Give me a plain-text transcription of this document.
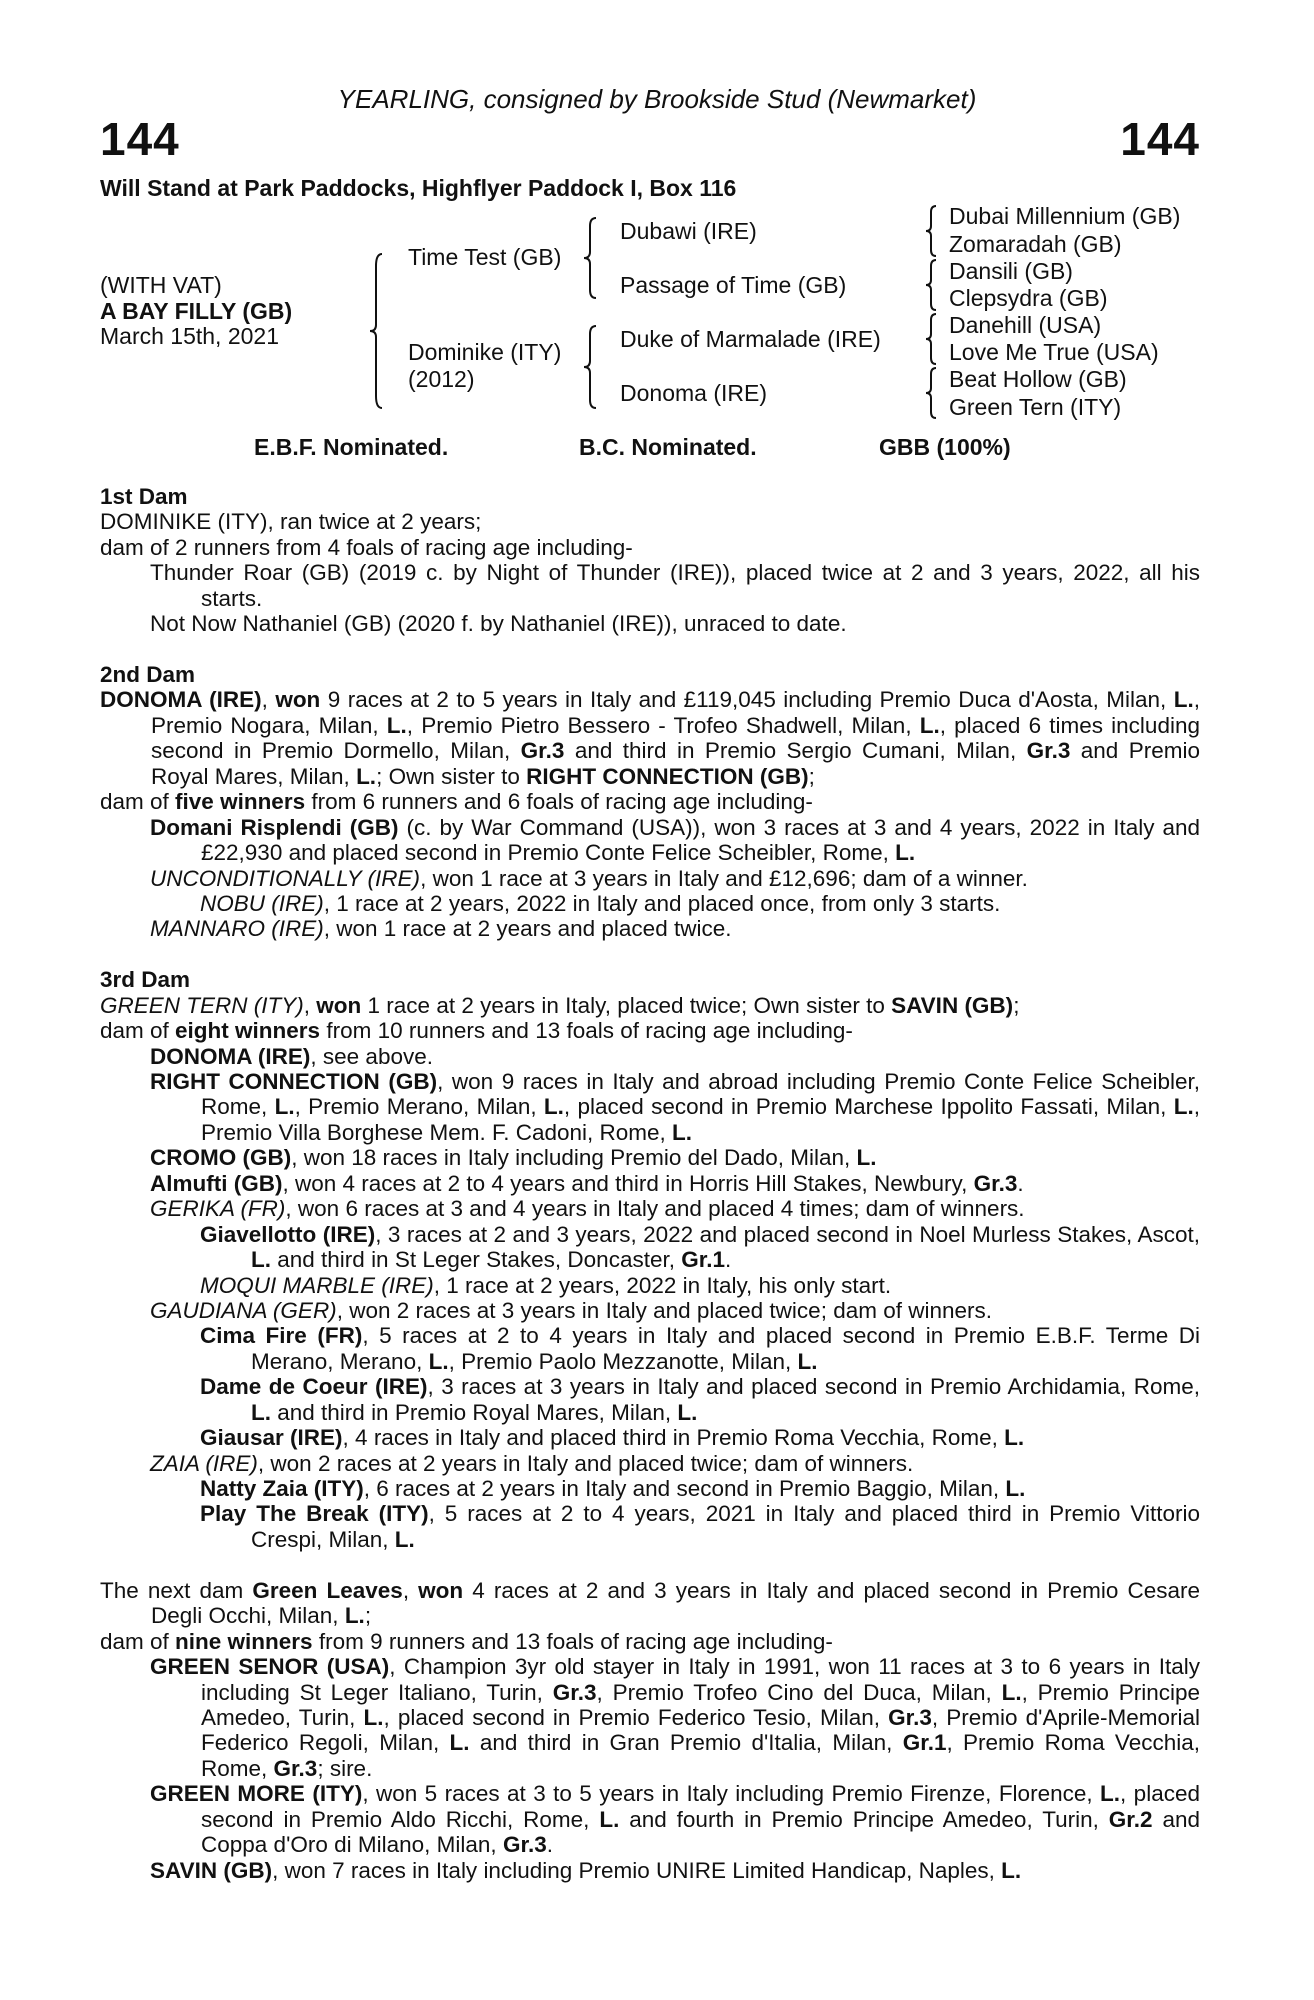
YEARLING, consigned by Brookside Stud (Newmarket)
144	144
Will Stand at Park Paddocks, Highflyer Paddock I, Box 116
(WITH VAT)
A BAY FILLY (GB)
March 15th, 2021
Time Test (GB)
Dominike (ITY)
(2012)
Dubawi (IRE)
Passage of Time (GB)
Duke of Marmalade (IRE)
Donoma (IRE)
Dubai Millennium (GB)
Zomaradah (GB)
Dansili (GB)
Clepsydra (GB)
Danehill (USA)
Love Me True (USA)
Beat Hollow (GB)
Green Tern (ITY)
E.B.F. Nominated.	B.C. Nominated.	GBB (100%)
1st Dam
DOMINIKE (ITY), ran twice at 2 years;
dam of 2 runners from 4 foals of racing age including-
Thunder Roar (GB) (2019 c. by Night of Thunder (IRE)), placed twice at 2 and 3 years, 2022, all his starts.
Not Now Nathaniel (GB) (2020 f. by Nathaniel (IRE)), unraced to date.
2nd Dam
DONOMA (IRE), won 9 races at 2 to 5 years in Italy and £119,045 including Premio Duca d'Aosta, Milan, L., Premio Nogara, Milan, L., Premio Pietro Bessero - Trofeo Shadwell, Milan, L., placed 6 times including second in Premio Dormello, Milan, Gr.3 and third in Premio Sergio Cumani, Milan, Gr.3 and Premio Royal Mares, Milan, L.; Own sister to RIGHT CONNECTION (GB);
dam of five winners from 6 runners and 6 foals of racing age including-
Domani Risplendi (GB) (c. by War Command (USA)), won 3 races at 3 and 4 years, 2022 in Italy and £22,930 and placed second in Premio Conte Felice Scheibler, Rome, L.
UNCONDITIONALLY (IRE), won 1 race at 3 years in Italy and £12,696; dam of a winner.
NOBU (IRE), 1 race at 2 years, 2022 in Italy and placed once, from only 3 starts.
MANNARO (IRE), won 1 race at 2 years and placed twice.
3rd Dam
GREEN TERN (ITY), won 1 race at 2 years in Italy, placed twice; Own sister to SAVIN (GB);
dam of eight winners from 10 runners and 13 foals of racing age including-
DONOMA (IRE), see above.
RIGHT CONNECTION (GB), won 9 races in Italy and abroad including Premio Conte Felice Scheibler, Rome, L., Premio Merano, Milan, L., placed second in Premio Marchese Ippolito Fassati, Milan, L., Premio Villa Borghese Mem. F. Cadoni, Rome, L.
CROMO (GB), won 18 races in Italy including Premio del Dado, Milan, L.
Almufti (GB), won 4 races at 2 to 4 years and third in Horris Hill Stakes, Newbury, Gr.3.
GERIKA (FR), won 6 races at 3 and 4 years in Italy and placed 4 times; dam of winners.
Giavellotto (IRE), 3 races at 2 and 3 years, 2022 and placed second in Noel Murless Stakes, Ascot, L. and third in St Leger Stakes, Doncaster, Gr.1.
MOQUI MARBLE (IRE), 1 race at 2 years, 2022 in Italy, his only start.
GAUDIANA (GER), won 2 races at 3 years in Italy and placed twice; dam of winners.
Cima Fire (FR), 5 races at 2 to 4 years in Italy and placed second in Premio E.B.F. Terme Di Merano, Merano, L., Premio Paolo Mezzanotte, Milan, L.
Dame de Coeur (IRE), 3 races at 3 years in Italy and placed second in Premio Archidamia, Rome, L. and third in Premio Royal Mares, Milan, L.
Giausar (IRE), 4 races in Italy and placed third in Premio Roma Vecchia, Rome, L.
ZAIA (IRE), won 2 races at 2 years in Italy and placed twice; dam of winners.
Natty Zaia (ITY), 6 races at 2 years in Italy and second in Premio Baggio, Milan, L.
Play The Break (ITY), 5 races at 2 to 4 years, 2021 in Italy and placed third in Premio Vittorio Crespi, Milan, L.
The next dam Green Leaves, won 4 races at 2 and 3 years in Italy and placed second in Premio Cesare Degli Occhi, Milan, L.;
dam of nine winners from 9 runners and 13 foals of racing age including-
GREEN SENOR (USA), Champion 3yr old stayer in Italy in 1991, won 11 races at 3 to 6 years in Italy including St Leger Italiano, Turin, Gr.3, Premio Trofeo Cino del Duca, Milan, L., Premio Principe Amedeo, Turin, L., placed second in Premio Federico Tesio, Milan, Gr.3, Premio d'Aprile-Memorial Federico Regoli, Milan, L. and third in Gran Premio d'Italia, Milan, Gr.1, Premio Roma Vecchia, Rome, Gr.3; sire.
GREEN MORE (ITY), won 5 races at 3 to 5 years in Italy including Premio Firenze, Florence, L., placed second in Premio Aldo Ricchi, Rome, L. and fourth in Premio Principe Amedeo, Turin, Gr.2 and Coppa d'Oro di Milano, Milan, Gr.3.
SAVIN (GB), won 7 races in Italy including Premio UNIRE Limited Handicap, Naples, L.
